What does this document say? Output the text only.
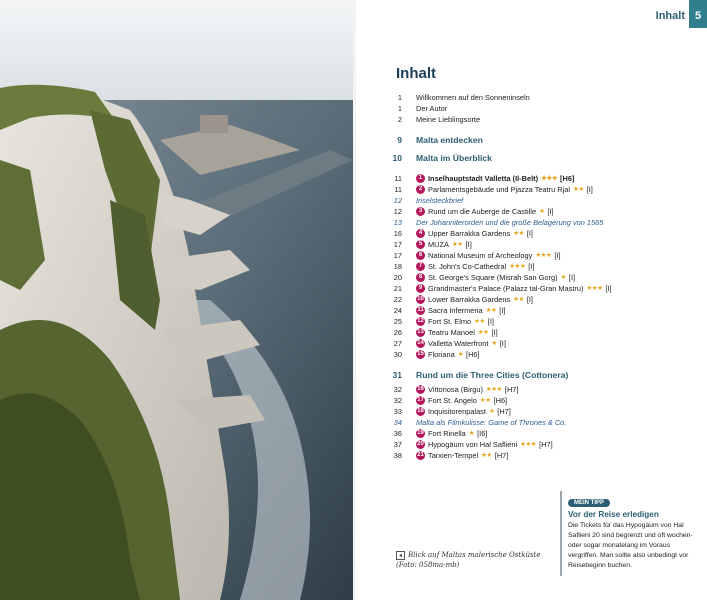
Inhalt 5
Inhalt
1	Willkommen auf den Sonneninseln
1	Der Autor
2	Meine Lieblingsorte
9	Malta entdecken
10	Malta im Überblick
11	1 Inselhauptstadt Valletta (Il-Belt) ★★★ [H6]
11	2 Parlamentsgebäude und Pjazza Teatru Rjal ★★ [I]
12	Inselsteckbrief
12	3 Rund um die Auberge de Castille ★ [I]
13	Der Johanniterorden und die große Belagerung von 1565
16	4 Upper Barrakka Gardens ★★ [I]
17	5 MUŻA ★★ [I]
17	6 National Museum of Archeology ★★★ [I]
18	7 St. John's Co-Cathedral ★★★ [I]
20	8 St. George's Square (Misrah San Gorg) ★ [I]
21	9 Grandmaster's Palace (Palazz tal-Gran Mastru) ★★★ [I]
22	10 Lower Barrakka Gardens ★★ [I]
24	11 Sacra Infermeria ★★ [I]
25	12 Fort St. Elmo ★★ [I]
26	13 Teatru Manoel ★★ [I]
27	14 Valletta Waterfront ★ [I]
30	15 Floriana ★ [H6]
31	Rund um die Three Cities (Cottonera)
32	16 Vittoriosa (Birgu) ★★★ [H7]
32	17 Fort St. Angelo ★★ [H6]
33	18 Inquisitorenpalast ★ [H7]
34	Malta als Filmkulisse: Game of Thrones & Co.
36	19 Fort Rinella ★ [I6]
37	20 Hypogäum von Hal Saflieni ★★★ [H7]
38	21 Tarxien-Tempel ★★ [H7]
MEIN TIPP
Vor der Reise erledigen
Die Tickets für das Hypogäum von Hal Saflieni 20 sind begrenzt und oft wochen- oder sogar monatelang im Voraus vergriffen. Man sollte also unbedingt vor Reisebeginn buchen.
◂ Blick auf Maltas malerische Ostküste (Foto: 058ma-mb)
